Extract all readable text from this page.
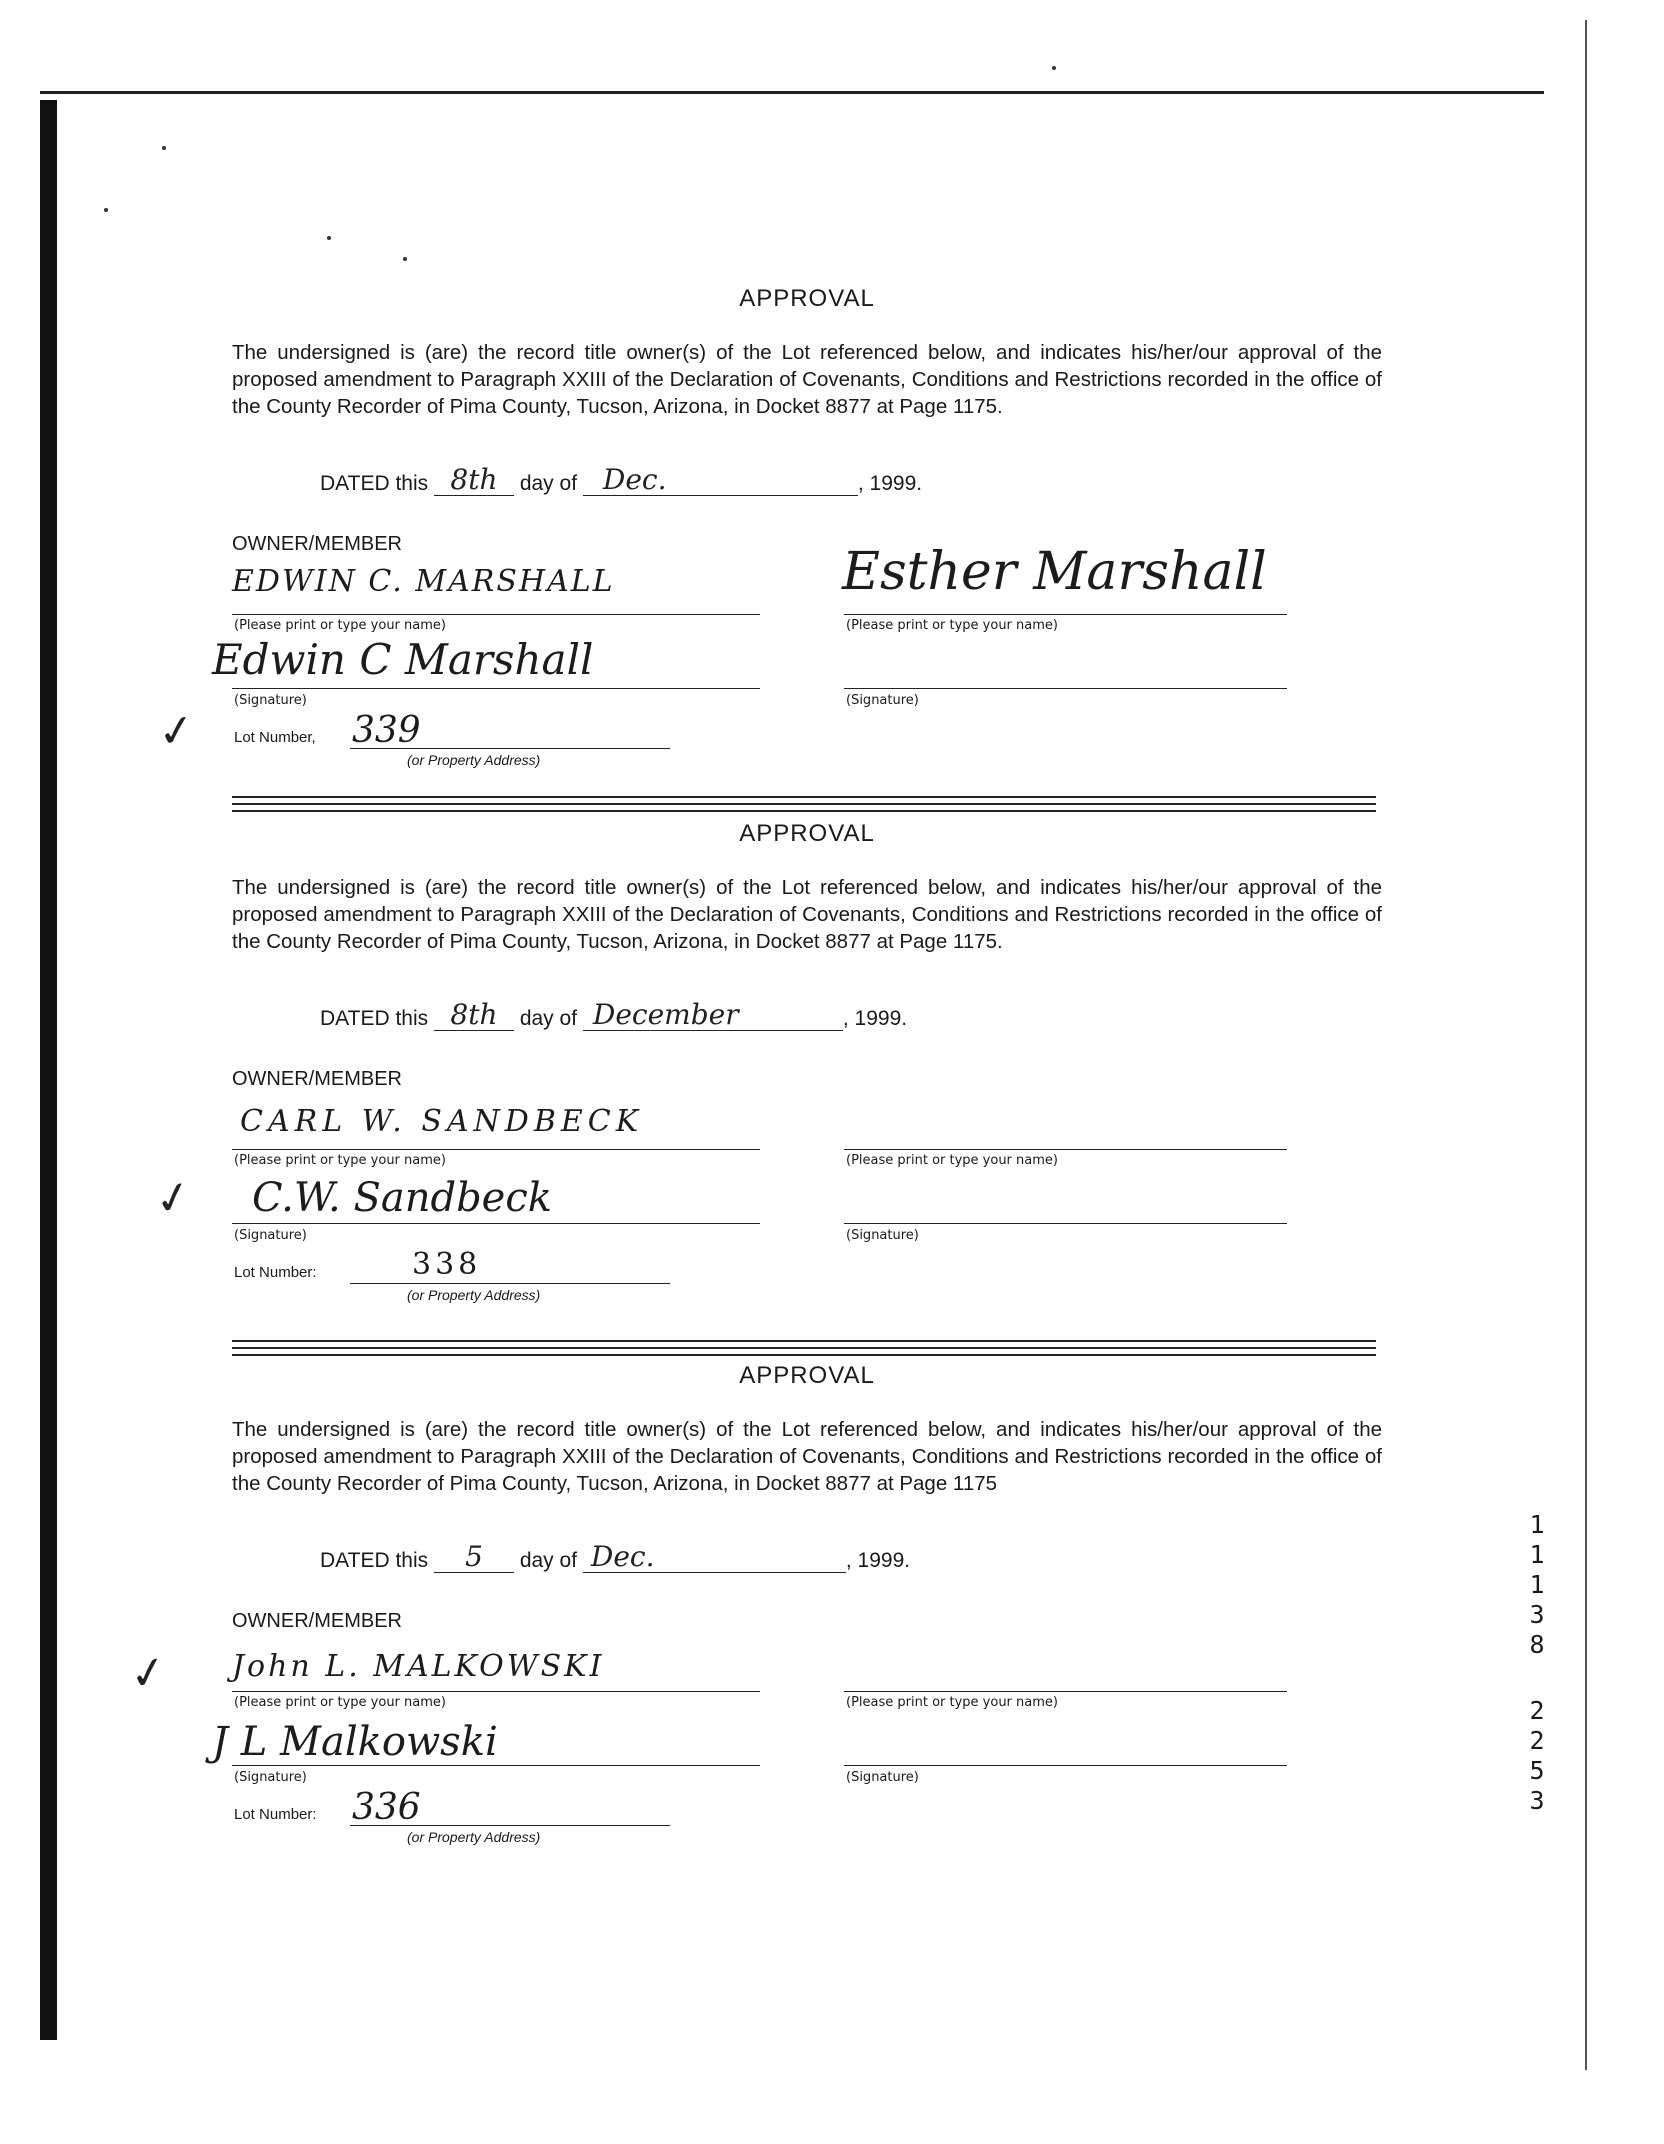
APPROVAL
The undersigned is (are) the record title owner(s) of the Lot referenced below, and indicates his/her/our approval of the proposed amendment to Paragraph XXIII of the Declaration of Covenants, Conditions and Restrictions recorded in the office of the County Recorder of Pima County, Tucson, Arizona, in Docket 8877 at Page 1175.
DATED this 8th day of Dec.	, 1999.
OWNER/MEMBER
EDWIN C. MARSHALL
(Please print or type your name)
Esther Marshall
(Please print or type your name)
Edwin C Marshall
(Signature)	(Signature)
Lot Number, 339
(or Property Address)
✓
APPROVAL
The undersigned is (are) the record title owner(s) of the Lot referenced below, and indicates his/her/our approval of the proposed amendment to Paragraph XXIII of the Declaration of Covenants, Conditions and Restrictions recorded in the office of the County Recorder of Pima County, Tucson, Arizona, in Docket 8877 at Page 1175.
DATED this 8th day of December	, 1999.
OWNER/MEMBER
CARL W. SANDBECK
(Please print or type your name)	(Please print or type your name)
C.W. Sandbeck
(Signature)	(Signature)
Lot Number:	338
(or Property Address)
✓
APPROVAL
The undersigned is (are) the record title owner(s) of the Lot referenced below, and indicates his/her/our approval of the proposed amendment to Paragraph XXIII of the Declaration of Covenants, Conditions and Restrictions recorded in the office of the County Recorder of Pima County, Tucson, Arizona, in Docket 8877 at Page 1175
DATED this 5 day of Dec.	, 1999.
OWNER/MEMBER
John L. MALKOWSKI
(Please print or type your name)	(Please print or type your name)
J L Malkowski
(Signature)	(Signature)
Lot Number: 336
(or Property Address)
✓
1
1
1
3
8
2
2
5
3
